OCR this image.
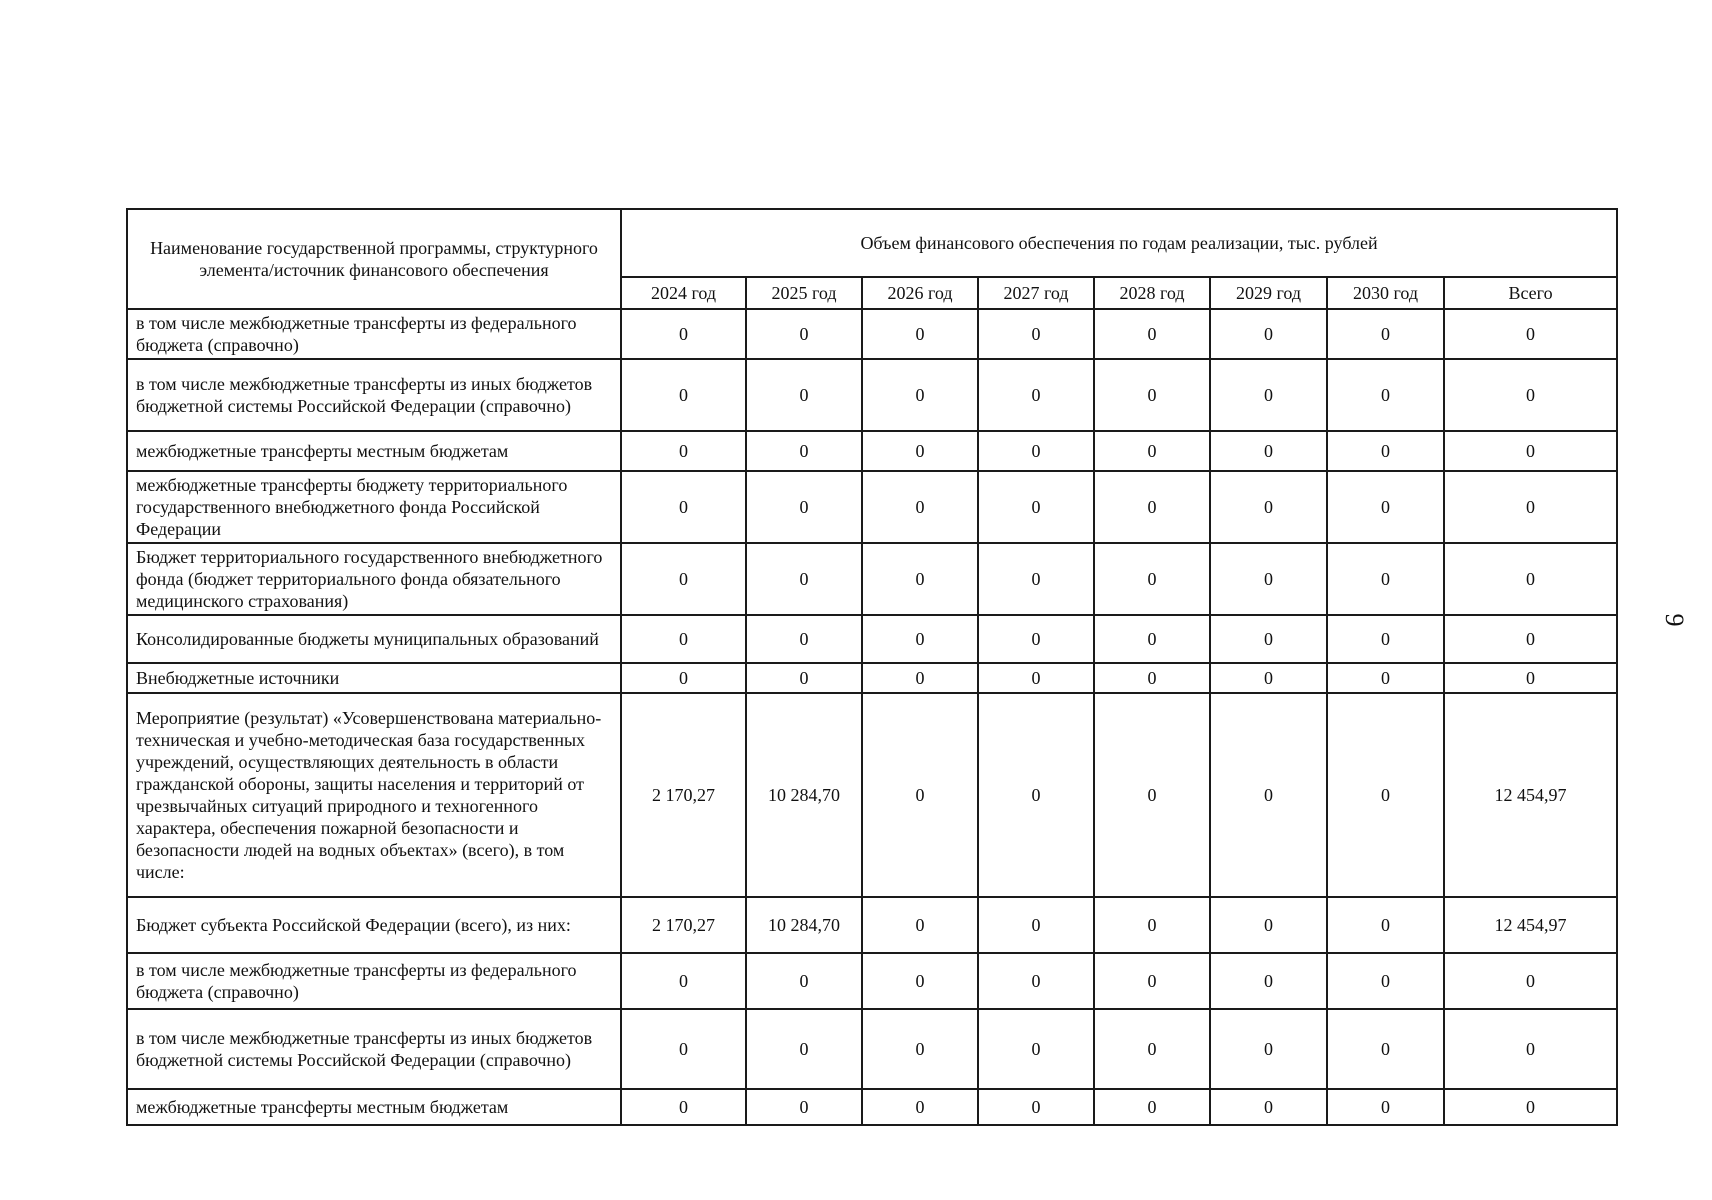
Наименование государственной программы, структурного элемента/источник финансового обеспечения	Объем финансового обеспечения по годам реализации, тыс. рублей							
	2024 год	2025 год	2026 год	2027 год	2028 год	2029 год	2030 год	Всего
в том числе межбюджетные трансферты из федерального бюджета (справочно)	0	0	0	0	0	0	0	0
в том числе межбюджетные трансферты из иных бюджетов бюджетной системы Российской Федерации (справочно)	0	0	0	0	0	0	0	0
межбюджетные трансферты местным бюджетам	0	0	0	0	0	0	0	0
межбюджетные трансферты бюджету территориального государственного внебюджетного фонда Российской Федерации	0	0	0	0	0	0	0	0
Бюджет территориального государственного внебюджетного фонда (бюджет территориального фонда обязательного медицинского страхования)	0	0	0	0	0	0	0	0
Консолидированные бюджеты муниципальных образований	0	0	0	0	0	0	0	0
Внебюджетные источники	0	0	0	0	0	0	0	0
Мероприятие (результат) «Усовершенствована материально-техническая и учебно-методическая база государственных учреждений, осуществляющих деятельность в области гражданской обороны, защиты населения и территорий от чрезвычайных ситуаций природного и техногенного характера, обеспечения пожарной безопасности и безопасности людей на водных объектах» (всего), в том числе:	2 170,27	10 284,70	0	0	0	0	0	12 454,97
Бюджет субъекта Российской Федерации (всего), из них:	2 170,27	10 284,70	0	0	0	0	0	12 454,97
в том числе межбюджетные трансферты из федерального бюджета (справочно)	0	0	0	0	0	0	0	0
в том числе межбюджетные трансферты из иных бюджетов бюджетной системы Российской Федерации (справочно)	0	0	0	0	0	0	0	0
межбюджетные трансферты местным бюджетам	0	0	0	0	0	0	0	0
9
